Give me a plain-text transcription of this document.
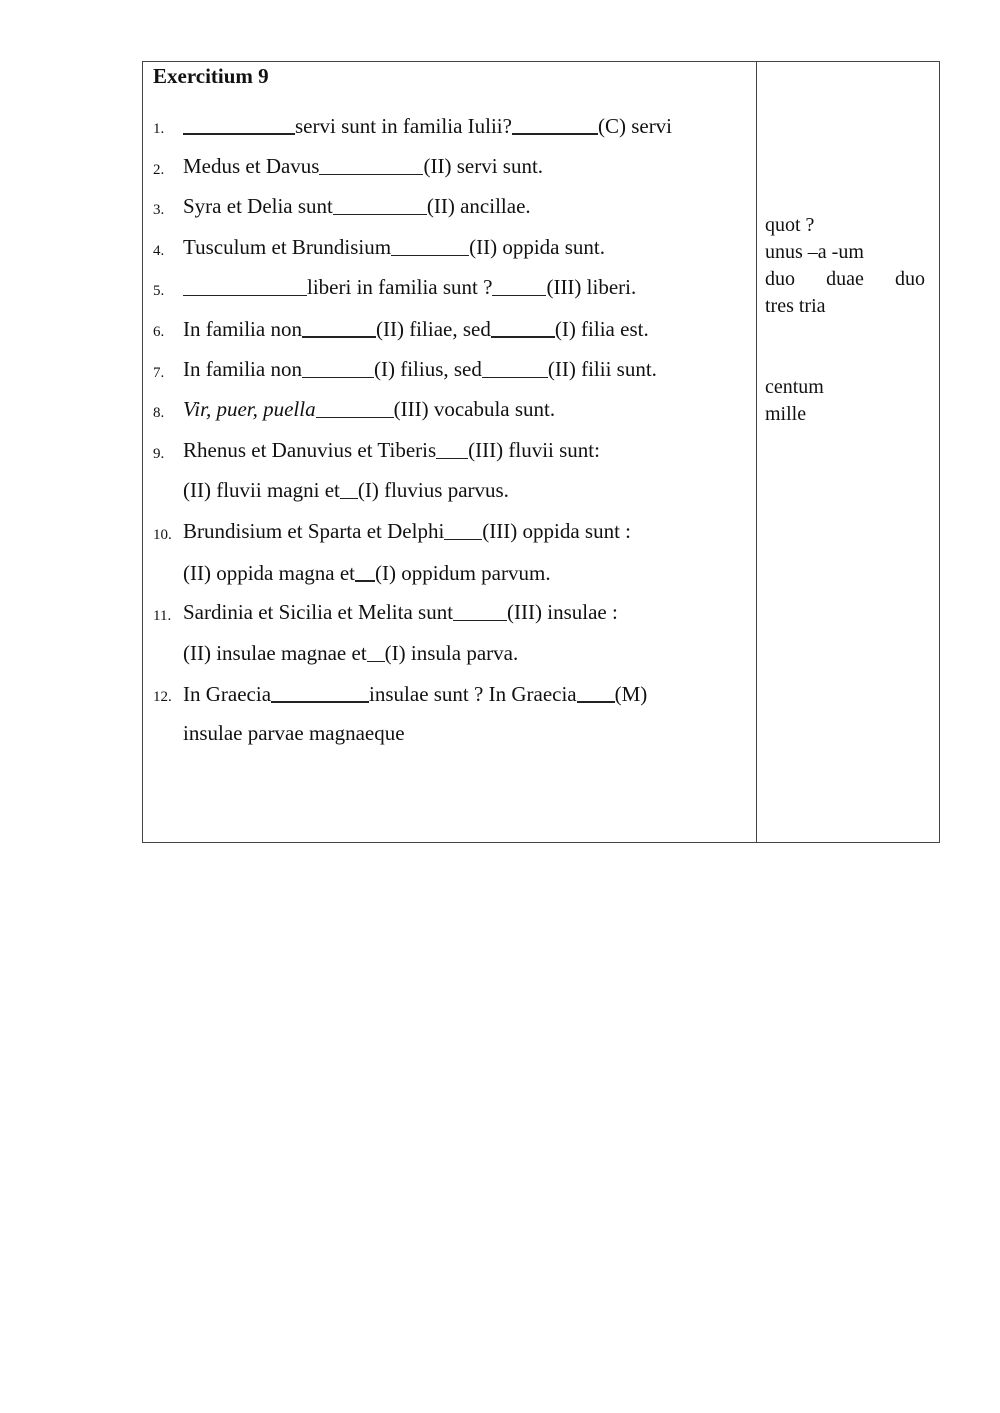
Exercitium 9
1.	servi sunt in familia Iulii?	(C) servi
2. Medus et Davus	(II) servi sunt.
3. Syra et Delia sunt	(II) ancillae.
4. Tusculum et Brundisium	(II) oppida sunt.
5.	liberi in familia sunt ?	(III) liberi.
6. In familia non	(II) filiae, sed	(I) filia est.
7. In familia non	(I) filius, sed	(II) filii sunt.
8. Vir, puer, puella	(III) vocabula sunt.
9. Rhenus et Danuvius et Tiberis (III) fluvii sunt:
(II) fluvii magni et (I) fluvius parvus.
10. Brundisium et Sparta et Delphi (III) oppida sunt :
(II) oppida magna et (I) oppidum parvum.
11. Sardinia et Sicilia et Melita sunt	(III) insulae :
(II) insulae magnae et (I) insula parva.
12. In Graecia	insulae sunt ? In Graecia (M)
insulae parvae magnaeque
quot ?
unus –a -um
duo duae duo
tres tria
centum
mille
